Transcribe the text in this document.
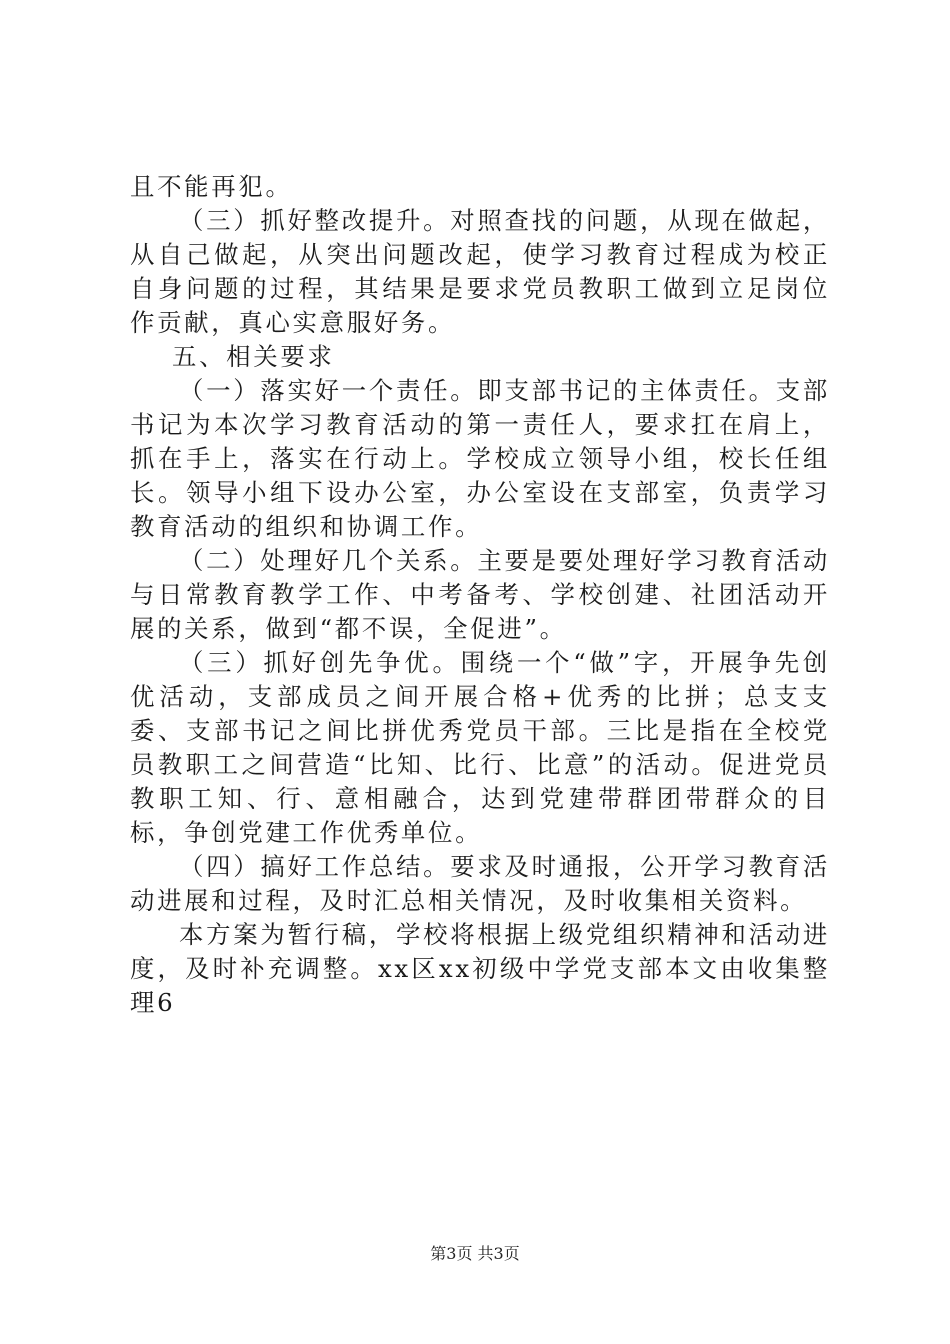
且不能再犯。

（三）抓好整改提升。对照查找的问题，从现在做起，从自己做起，从突出问题改起，使学习教育过程成为校正自身问题的过程，其结果是要求党员教职工做到立足岗位作贡献，真心实意服好务。

五、相关要求

（一）落实好一个责任。即支部书记的主体责任。支部书记为本次学习教育活动的第一责任人，要求扛在肩上，抓在手上，落实在行动上。学校成立领导小组，校长任组长。领导小组下设办公室，办公室设在支部室，负责学习教育活动的组织和协调工作。

（二）处理好几个关系。主要是要处理好学习教育活动与日常教育教学工作、中考备考、学校创建、社团活动开展的关系，做到“都不误，全促进”。

（三）抓好创先争优。围绕一个“做”字，开展争先创优活动，支部成员之间开展合格+优秀的比拼；总支支委、支部书记之间比拼优秀党员干部。三比是指在全校党员教职工之间营造“比知、比行、比意”的活动。促进党员教职工知、行、意相融合，达到党建带群团带群众的目标，争创党建工作优秀单位。

（四）搞好工作总结。要求及时通报，公开学习教育活动进展和过程，及时汇总相关情况，及时收集相关资料。

本方案为暂行稿，学校将根据上级党组织精神和活动进度，及时补充调整。xx区xx初级中学党支部本文由收集整理6

第3页 共3页
